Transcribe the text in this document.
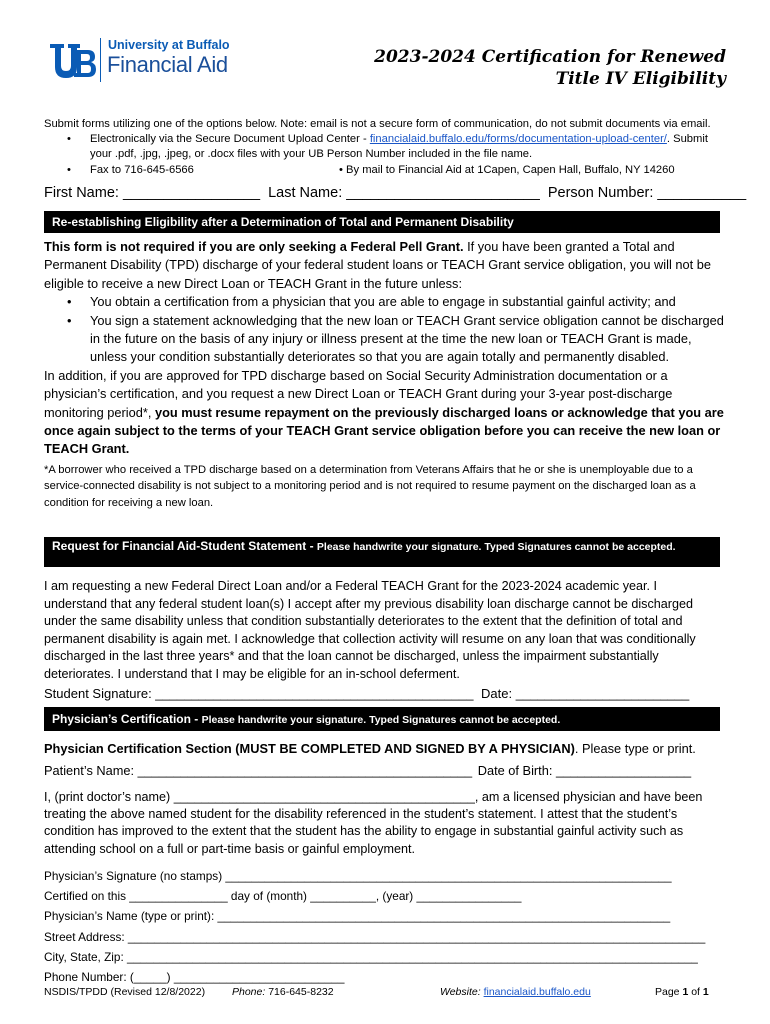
University at Buffalo
Financial Aid	2023-2024 Certification for Renewed
Title IV Eligibility
Submit forms utilizing one of the options below. Note: email is not a secure form of communication, do not submit documents via email.
• Electronically via the Secure Document Upload Center - financialaid.buffalo.edu/forms/documentation-upload-center/. Submit your .pdf, .jpg, .jpeg, or .docx files with your UB Person Number included in the file name.
• Fax to 716-645-6566	• By mail to Financial Aid at 1Capen, Capen Hall, Buffalo, NY 14260
First Name: _________________ Last Name: ________________________ Person Number: ___________
Re-establishing Eligibility after a Determination of Total and Permanent Disability
This form is not required if you are only seeking a Federal Pell Grant. If you have been granted a Total and Permanent Disability (TPD) discharge of your federal student loans or TEACH Grant service obligation, you will not be eligible to receive a new Direct Loan or TEACH Grant in the future unless:
• You obtain a certification from a physician that you are able to engage in substantial gainful activity; and
• You sign a statement acknowledging that the new loan or TEACH Grant service obligation cannot be discharged in the future on the basis of any injury or illness present at the time the new loan or TEACH Grant is made, unless your condition substantially deteriorates so that you are again totally and permanently disabled.
In addition, if you are approved for TPD discharge based on Social Security Administration documentation or a physician’s certification, and you request a new Direct Loan or TEACH Grant during your 3-year post-discharge monitoring period*, you must resume repayment on the previously discharged loans or acknowledge that you are once again subject to the terms of your TEACH Grant service obligation before you can receive the new loan or TEACH Grant.
*A borrower who received a TPD discharge based on a determination from Veterans Affairs that he or she is unemployable due to a service-connected disability is not subject to a monitoring period and is not required to resume payment on the discharged loan as a condition for receiving a new loan.
Request for Financial Aid-Student Statement - Please handwrite your signature. Typed Signatures cannot be accepted.
I am requesting a new Federal Direct Loan and/or a Federal TEACH Grant for the 2023-2024 academic year. I understand that any federal student loan(s) I accept after my previous disability loan discharge cannot be discharged under the same disability unless that condition substantially deteriorates to the extent that the definition of total and permanent disability is again met. I acknowledge that collection activity will resume on any loan that was conditionally discharged in the last three years* and that the loan cannot be discharged, unless the impairment substantially deteriorates. I understand that I may be eligible for an in-school deferment.
Student Signature: ____________________________________________ Date: ________________________
Physician’s Certification - Please handwrite your signature. Typed Signatures cannot be accepted.
Physician Certification Section (MUST BE COMPLETED AND SIGNED BY A PHYSICIAN). Please type or print.
Patient’s Name: _______________________________________________ Date of Birth: ___________________
I, (print doctor’s name) ___________________________________________, am a licensed physician and have been treating the above named student for the disability referenced in the student’s statement. I attest that the student’s condition has improved to the extent that the student has the ability to engage in substantial gainful activity such as attending school on a full or part-time basis or gainful employment.
Physician’s Signature (no stamps) ____________________________________________________________________
Certified on this _______________ day of (month) __________, (year) ________________
Physician’s Name (type or print): _____________________________________________________________________
Street Address: ________________________________________________________________________________________
City, State, Zip: _______________________________________________________________________________________
Phone Number: (_____) __________________________
NSDIS/TPDD (Revised 12/8/2022)	Phone: 716-645-8232	Website: financialaid.buffalo.edu	Page 1 of 1
